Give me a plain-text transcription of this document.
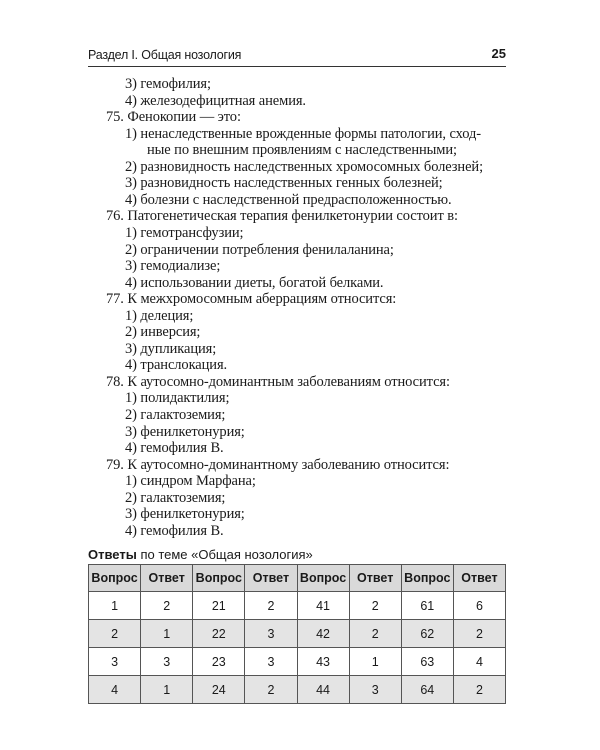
Раздел I. Общая нозология	25
3) гемофилия;
4) железодефицитная анемия.
75. Фенокопии — это:
1) ненаследственные врожденные формы патологии, сход-
ные по внешним проявлениям с наследственными;
2) разновидность наследственных хромосомных болезней;
3) разновидность наследственных генных болезней;
4) болезни с наследственной предрасположенностью.
76. Патогенетическая терапия фенилкетонурии состоит в:
1) гемотрансфузии;
2) ограничении потребления фенилаланина;
3) гемодиализе;
4) использовании диеты, богатой белками.
77. К межхромосомным аберрациям относится:
1) делеция;
2) инверсия;
3) дупликация;
4) транслокация.
78. К аутосомно-доминантным заболеваниям относится:
1) полидактилия;
2) галактоземия;
3) фенилкетонурия;
4) гемофилия В.
79. К аутосомно-доминантному заболеванию относится:
1) синдром Марфана;
2) галактоземия;
3) фенилкетонурия;
4) гемофилия В.
Ответы по теме «Общая нозология»
Вопрос	Ответ	Вопрос	Ответ	Вопрос	Ответ	Вопрос	Ответ
1	2	21	2	41	2	61	6
2	1	22	3	42	2	62	2
3	3	23	3	43	1	63	4
4	1	24	2	44	3	64	2
